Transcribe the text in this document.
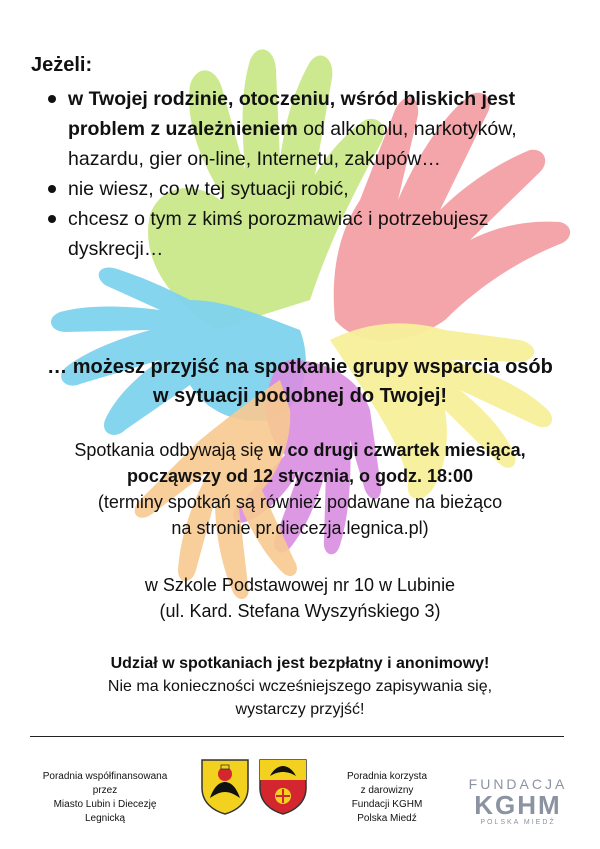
Jeżeli:
w Twojej rodzinie, otoczeniu, wśród bliskich jest problem z uzależnieniem od alkoholu, narkotyków, hazardu, gier on-line, Internetu, zakupów…
nie wiesz, co w tej sytuacji robić,
chcesz o tym z kimś porozmawiać i potrzebujesz dyskrecji…
… możesz przyjść na spotkanie grupy wsparcia osób
w sytuacji podobnej do Twojej!
Spotkania odbywają się w co drugi czwartek miesiąca,
począwszy od 12 stycznia, o godz. 18:00
(terminy spotkań są również podawane na bieżąco
na stronie pr.diecezja.legnica.pl)
w Szkole Podstawowej nr 10 w Lubinie
(ul. Kard. Stefana Wyszyńskiego 3)
Udział w spotkaniach jest bezpłatny i anonimowy!
Nie ma konieczności wcześniejszego zapisywania się,
wystarczy przyjść!
Poradnia współfinansowana
przez
Miasto Lubin i Diecezję
Legnicką
Poradnia korzysta
z darowizny
Fundacji KGHM
Polska Miedź
FUNDACJA
KGHM
POLSKA MIEDŹ
